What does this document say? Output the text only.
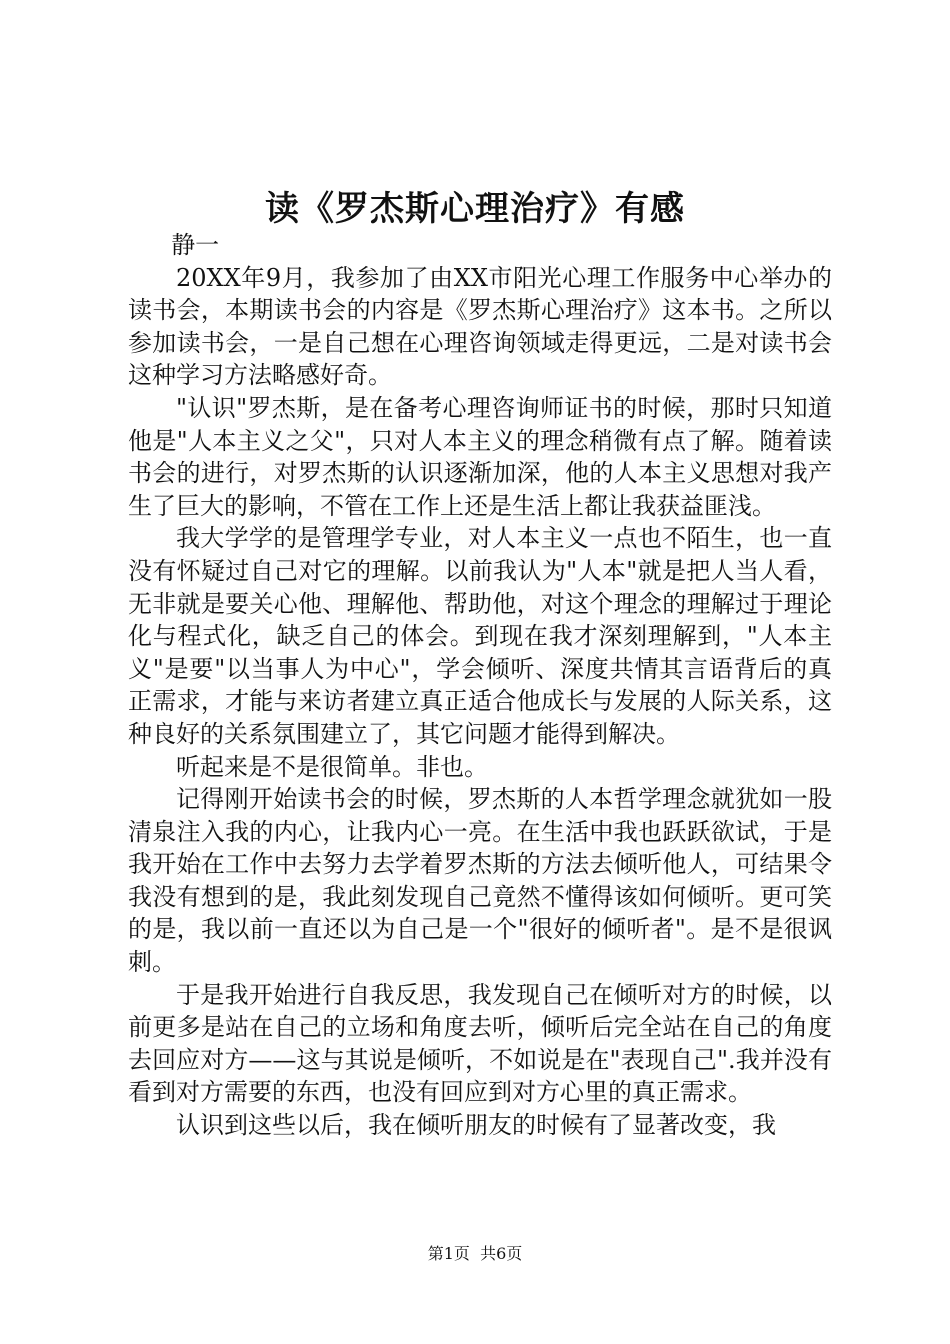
读《罗杰斯心理治疗》有感

静一

20XX年9月，我参加了由XX市阳光心理工作服务中心举办的读书会，本期读书会的内容是《罗杰斯心理治疗》这本书。之所以参加读书会，一是自己想在心理咨询领域走得更远，二是对读书会这种学习方法略感好奇。

"认识"罗杰斯，是在备考心理咨询师证书的时候，那时只知道他是"人本主义之父"，只对人本主义的理念稍微有点了解。随着读书会的进行，对罗杰斯的认识逐渐加深，他的人本主义思想对我产生了巨大的影响，不管在工作上还是生活上都让我获益匪浅。

我大学学的是管理学专业，对人本主义一点也不陌生，也一直没有怀疑过自己对它的理解。以前我认为"人本"就是把人当人看，无非就是要关心他、理解他、帮助他，对这个理念的理解过于理论化与程式化，缺乏自己的体会。到现在我才深刻理解到，"人本主义"是要"以当事人为中心"，学会倾听、深度共情其言语背后的真正需求，才能与来访者建立真正适合他成长与发展的人际关系，这种良好的关系氛围建立了，其它问题才能得到解决。

听起来是不是很简单。非也。

记得刚开始读书会的时候，罗杰斯的人本哲学理念就犹如一股清泉注入我的内心，让我内心一亮。在生活中我也跃跃欲试，于是我开始在工作中去努力去学着罗杰斯的方法去倾听他人，可结果令我没有想到的是，我此刻发现自己竟然不懂得该如何倾听。更可笑的是，我以前一直还以为自己是一个"很好的倾听者"。是不是很讽刺。

于是我开始进行自我反思，我发现自己在倾听对方的时候，以前更多是站在自己的立场和角度去听，倾听后完全站在自己的角度去回应对方——这与其说是倾听，不如说是在"表现自己".我并没有看到对方需要的东西，也没有回应到对方心里的真正需求。

认识到这些以后，我在倾听朋友的时候有了显著改变，我

第1页  共6页
